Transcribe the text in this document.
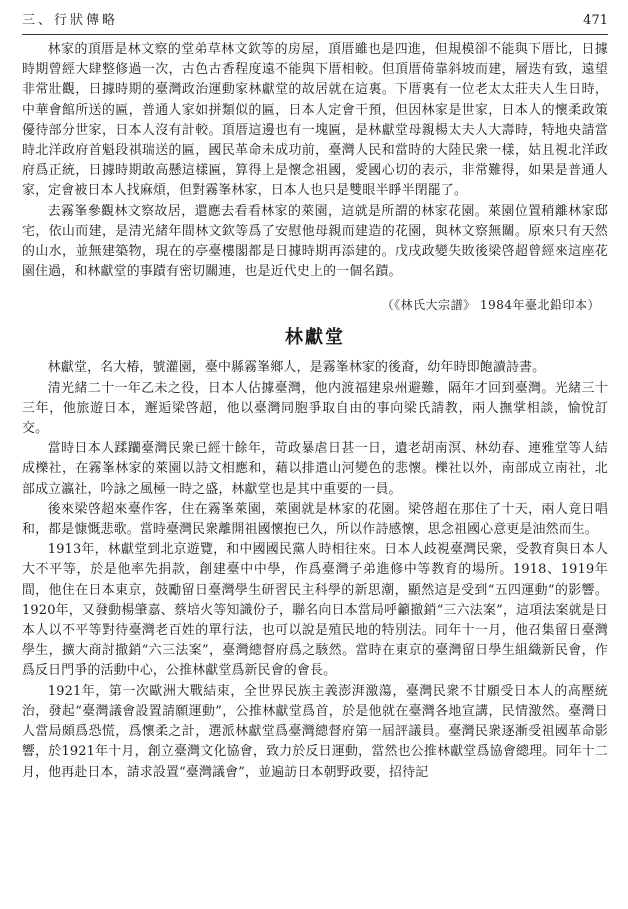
三、行狀傳略	471

林家的頂厝是林文察的堂弟草林文欽等的房屋，頂厝雖也是四進，但規模卻不能與下厝比，日據時期曾經大肆整修過一次，古色古香程度遠不能與下厝相較。但頂厝倚靠斜坡而建，層迭有致，遠望非常壯觀，日據時期的臺灣政治運動家林獻堂的故居就在這裏。下厝裏有一位老太太莊夫人生日時，中華會館所送的匾，普通人家如拼類似的匾，日本人定會干預，但因林家是世家，日本人的懷柔政策優待部分世家，日本人沒有計較。頂厝這邊也有一塊匾，是林獻堂母親楊太夫人大壽時，特地央請當時北洋政府首魁段祺瑞送的匾，國民革命未成功前，臺灣人民和當時的大陸民衆一樣，姑且視北洋政府爲正統，日據時期敢高懸這樣匾，算得上是懷念祖國，愛國心切的表示，非常難得，如果是普通人家，定會被日本人找麻煩，但對霧峯林家，日本人也只是雙眼半睜半閉罷了。

去霧峯參觀林文察故居，還應去看看林家的萊園，這就是所謂的林家花園。萊園位置稍離林家邸宅，依山而建，是清光緒年間林文欽等爲了安慰他母親而建造的花園，與林文察無關。原來只有天然的山水，並無建築物，現在的亭臺樓閣都是日據時期再添建的。戊戌政變失敗後梁啓超曾經來這座花園住過，和林獻堂的事蹟有密切關連，也是近代史上的一個名蹟。

（《林氏大宗譜》 1984年臺北鉛印本）

林獻堂

林獻堂，名大椿，號灌園，臺中縣霧峯鄉人，是霧峯林家的後裔，幼年時即飽讀詩書。

清光緒二十一年乙未之役，日本人佔據臺灣，他内渡福建泉州避難，隔年才回到臺灣。光緒三十三年，他旅遊日本，邂逅梁啓超，他以臺灣同胞爭取自由的事向梁氏請教，兩人撫掌相談，愉悅訂交。

當時日本人蹂躪臺灣民衆已經十餘年，苛政暴虐日甚一日，遺老胡南溟、林幼春、連雅堂等人結成櫟社，在霧峯林家的萊園以詩文相應和，藉以排遣山河變色的悲懷。櫟社以外，南部成立南社，北部成立瀛社，吟詠之風極一時之盛，林獻堂也是其中重要的一員。

後來梁啓超來臺作客，住在霧峯萊園，萊園就是林家的花園。梁啓超在那住了十天，兩人竟日唱和，都是慷慨悲歌。當時臺灣民衆離開祖國懷抱已久，所以作詩感懷，思念祖國心意更是油然而生。

1913年，林獻堂到北京遊覽，和中國國民黨人時相往來。日本人歧視臺灣民衆，受教育與日本人大不平等，於是他率先捐款，創建臺中中學，作爲臺灣子弟進修中等教育的場所。1918、1919年間，他住在日本東京，鼓勵留日臺灣學生研習民主科學的新思潮，顯然這是受到“五四運動”的影響。1920年，又發動楊肇嘉、蔡培火等知識份子，聯名向日本當局呼籲撤銷“三六法案”，這項法案就是日本人以不平等對待臺灣老百姓的單行法，也可以說是殖民地的特別法。同年十一月，他召集留日臺灣學生，擴大商討撤銷“六三法案”，臺灣總督府爲之駭然。當時在東京的臺灣留日學生組織新民會，作爲反日門爭的活動中心，公推林獻堂爲新民會的會長。

1921年，第一次歐洲大戰結束，全世界民族主義澎湃激蕩，臺灣民衆不甘願受日本人的高壓統治，發起“臺灣議會設置請願運動”，公推林獻堂爲首，於是他就在臺灣各地宣講，民情激然。臺灣日人當局頗爲恐慌，爲懷柔之計，選派林獻堂爲臺灣總督府第一屆評議員。臺灣民衆逐漸受祖國革命影響，於1921年十月，創立臺灣文化協會，致力於反日運動，當然也公推林獻堂爲協會總理。同年十二月，他再赴日本，請求設置“臺灣議會”，並遍訪日本朝野政要，招待記
